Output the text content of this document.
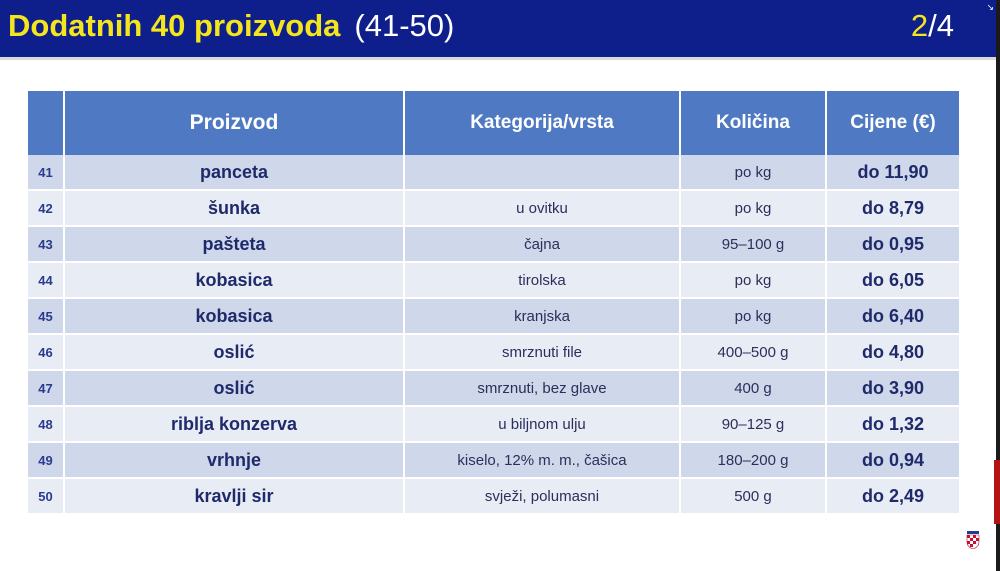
Dodatnih 40 proizvoda (41-50)	2/4
↘
	Proizvod	Kategorija/vrsta	Količina	Cijene (€)
41	panceta		po kg	do 11,90
42	šunka	u ovitku	po kg	do 8,79
43	pašteta	čajna	95–100 g	do 0,95
44	kobasica	tirolska	po kg	do 6,05
45	kobasica	kranjska	po kg	do 6,40
46	oslić	smrznuti file	400–500 g	do 4,80
47	oslić	smrznuti, bez glave	400 g	do 3,90
48	riblja konzerva	u biljnom ulju	90–125 g	do 1,32
49	vrhnje	kiselo, 12% m. m., čašica	180–200 g	do 0,94
50	kravlji sir	svježi, polumasni	500 g	do 2,49
